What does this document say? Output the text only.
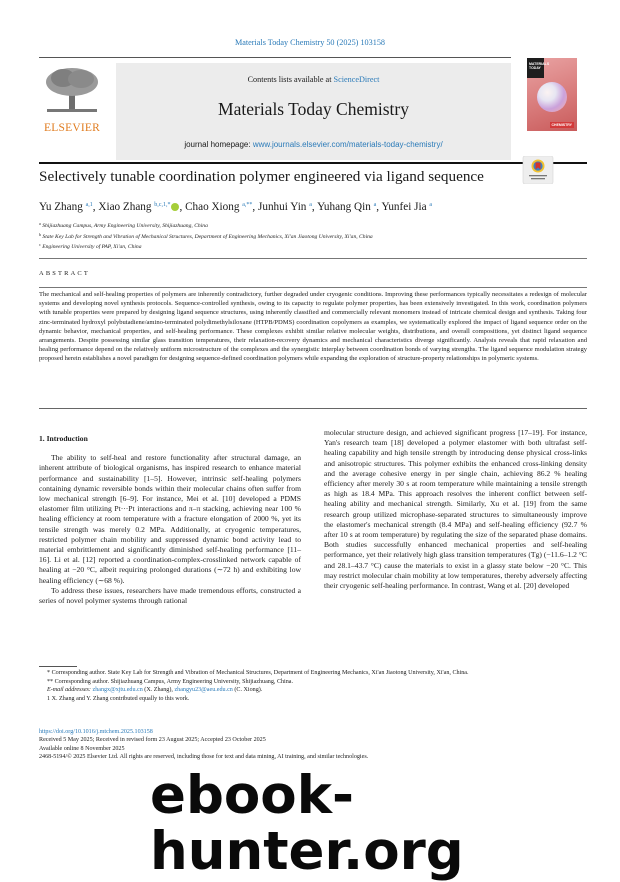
Materials Today Chemistry 50 (2025) 103158
ELSEVIER
Contents lists available at ScienceDirect
Materials Today Chemistry
journal homepage: www.journals.elsevier.com/materials-today-chemistry/
MATERIALS
TODAY
CHEMISTRY
Selectively tunable coordination polymer engineered via ligand sequence
Yu Zhang $^{a,1}$, Xiao Zhang $^{b,c,1,*}$ , Chao Xiong $^{a,**}$, Junhui Yin $^a$, Yuhang Qin $^a$, Yunfei Jia $^a$
$^a$ Shijiazhuang Campus, Army Engineering University, Shijiazhuang, China
$^b$ State Key Lab for Strength and Vibration of Mechanical Structures, Department of Engineering Mechanics, Xi'an Jiaotong University, Xi'an, China
$^c$ Engineering University of PAP, Xi'an, China
ABSTRACT
The mechanical and self-healing properties of polymers are inherently contradictory, further degraded under cryogenic conditions. Improving these performances typically necessitates a redesign of molecular systems and developing novel synthesis protocols. Sequence-controlled synthesis, owing to its capacity to regulate polymer properties, has been extensively investigated. In this work, coordination polymers with tunable properties were prepared by designing ligand sequence structures, using inherently classified and commercially relevant monomers instead of intricate chemical design and synthesis. Taking four zinc-terminated hydroxyl polybutadiene/amino-terminated polydimethylsiloxane (HTPB/PDMS) coordination copolymers as examples, we systematically explored the impact of ligand sequence order on the dynamic behavior, mechanical properties, and self-healing performance. These complexes exhibit similar relative molecular weights, distributions, and overall compositions, yet distinct ligand sequence arrangements. Despite possessing similar glass transition temperatures, their relaxation-recovery dynamics and mechanical characteristics diverge significantly. Analysis reveals that rapid relaxation and healing performance depend on the relatively uniform microstructure of the complexes and the synergistic interplay between coordination bonds of varying strengths. The ligand sequence modulation strategy proposed herein establishes a novel paradigm for designing sequence-defined coordination polymers while expanding the exploration of structure-property relationships in polymeric systems.
1. Introduction

The ability to self-heal and restore functionality after structural damage, an inherent attribute of biological organisms, has inspired research to enhance material performance and sustainability [1–5]. However, intrinsic self-healing polymers containing dynamic reversible bonds within their molecular chains often suffer from low mechanical strength [6–9]. For instance, Mei et al. [10] developed a PDMS elastomer film utilizing Pt···Pt interactions and π–π stacking, achieving near 100 % healing efficiency at room temperature with a fracture elongation of 2000 %, yet its tensile strength was merely 0.2 MPa. Additionally, at cryogenic temperatures, restricted polymer chain mobility and suppressed dynamic bond activity lead to material embrittlement and significantly diminished self-healing performance [11–16]. Li et al. [12] reported a coordination-complex-crosslinked network capable of healing at −20 °C, albeit requiring prolonged durations (∼72 h) and exhibiting low healing efficiency (∼68 %).

To address these issues, researchers have made tremendous efforts, constructed a series of novel polymer systems through rational

molecular structure design, and achieved significant progress [17–19]. For instance, Yan's research team [18] developed a polymer elastomer with both ultrafast self-healing capability and high tensile strength by introducing dense physical cross-links and anisotropic structures. This polymer exhibits the enhanced cross-linking density and the average cohesive energy in per single chain, achieving 86.2 % healing efficiency after merely 30 s at room temperature while maintaining a tensile strength as high as 18.4 MPa. This approach resolves the inherent conflict between self-healing ability and mechanical strength. Similarly, Xu et al. [19] from the same research group utilized microphase-separated structures to simultaneously improve the elastomer's mechanical strength (8.4 MPa) and self-healing efficiency (92.7 % after 10 s at room temperature) by regulating the size of the separated phase domains. Both studies successfully enhanced mechanical properties and self-healing performance, yet their relatively high glass transition temperatures (Tg) (−11.6–1.2 °C and 28.1–43.7 °C) cause the materials to exist in a glassy state below −20 °C. This may restrict molecular chain mobility at low temperatures, thereby adversely affecting their cryogenic self-healing performance. In contrast, Wang et al. [20] developed

* Corresponding author. State Key Lab for Strength and Vibration of Mechanical Structures, Department of Engineering Mechanics, Xi'an Jiaotong University, Xi'an, China.

** Corresponding author. Shijiazhuang Campus, Army Engineering University, Shijiazhuang, China.

E-mail addresses: zhangx@xjtu.edu.cn (X. Zhang), zhangyu23@aeu.edu.cn (C. Xiong).

1 X. Zhang and Y. Zhang contributed equally to this work.

https://doi.org/10.1016/j.mtchem.2025.103158

Received 5 May 2025; Received in revised form 23 August 2025; Accepted 23 October 2025

Available online 8 November 2025

2468-5194/© 2025 Elsevier Ltd. All rights are reserved, including those for text and data mining, AI training, and similar technologies.

ebook-hunter.org
